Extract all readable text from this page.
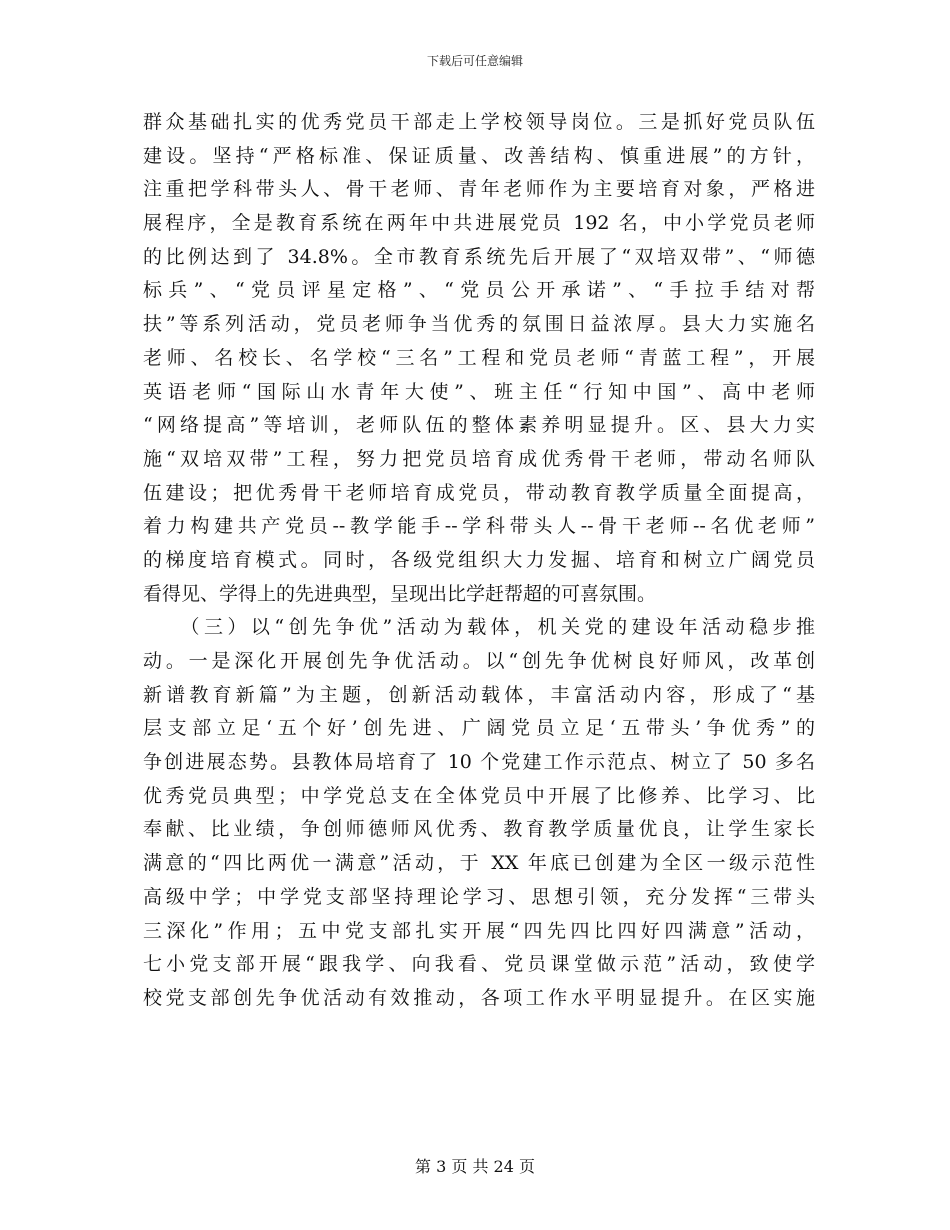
下载后可任意编辑
群众基础扎实的优秀党员干部走上学校领导岗位。三是抓好党员队伍
建设。坚持“严格标准、保证质量、改善结构、慎重进展”的方针，
注重把学科带头人、骨干老师、青年老师作为主要培育对象，严格进
展程序，全是教育系统在两年中共进展党员 192 名，中小学党员老师
的比例达到了 34.8%。全市教育系统先后开展了“双培双带”、“师德
标兵”、“党员评星定格”、“党员公开承诺”、“手拉手结对帮
扶”等系列活动，党员老师争当优秀的氛围日益浓厚。县大力实施名
老师、名校长、名学校“三名”工程和党员老师“青蓝工程”，开展
英语老师“国际山水青年大使”、班主任“行知中国”、高中老师
“网络提高”等培训，老师队伍的整体素养明显提升。区、县大力实
施“双培双带”工程，努力把党员培育成优秀骨干老师，带动名师队
伍建设；把优秀骨干老师培育成党员，带动教育教学质量全面提高，
着力构建共产党员--教学能手--学科带头人--骨干老师--名优老师”
的梯度培育模式。同时，各级党组织大力发掘、培育和树立广阔党员
看得见、学得上的先进典型，呈现出比学赶帮超的可喜氛围。
　　（三）以“创先争优”活动为载体，机关党的建设年活动稳步推
动。一是深化开展创先争优活动。以“创先争优树良好师风，改革创
新谱教育新篇”为主题，创新活动载体，丰富活动内容，形成了“基
层支部立足‘五个好’创先进、广阔党员立足‘五带头’争优秀”的
争创进展态势。县教体局培育了 10 个党建工作示范点、树立了 50 多名
优秀党员典型；中学党总支在全体党员中开展了比修养、比学习、比
奉献、比业绩，争创师德师风优秀、教育教学质量优良，让学生家长
满意的“四比两优一满意”活动，于 XX 年底已创建为全区一级示范性
高级中学；中学党支部坚持理论学习、思想引领，充分发挥“三带头
三深化”作用；五中党支部扎实开展“四先四比四好四满意”活动，
七小党支部开展“跟我学、向我看、党员课堂做示范”活动，致使学
校党支部创先争优活动有效推动，各项工作水平明显提升。在区实施
第 3 页 共 24 页
